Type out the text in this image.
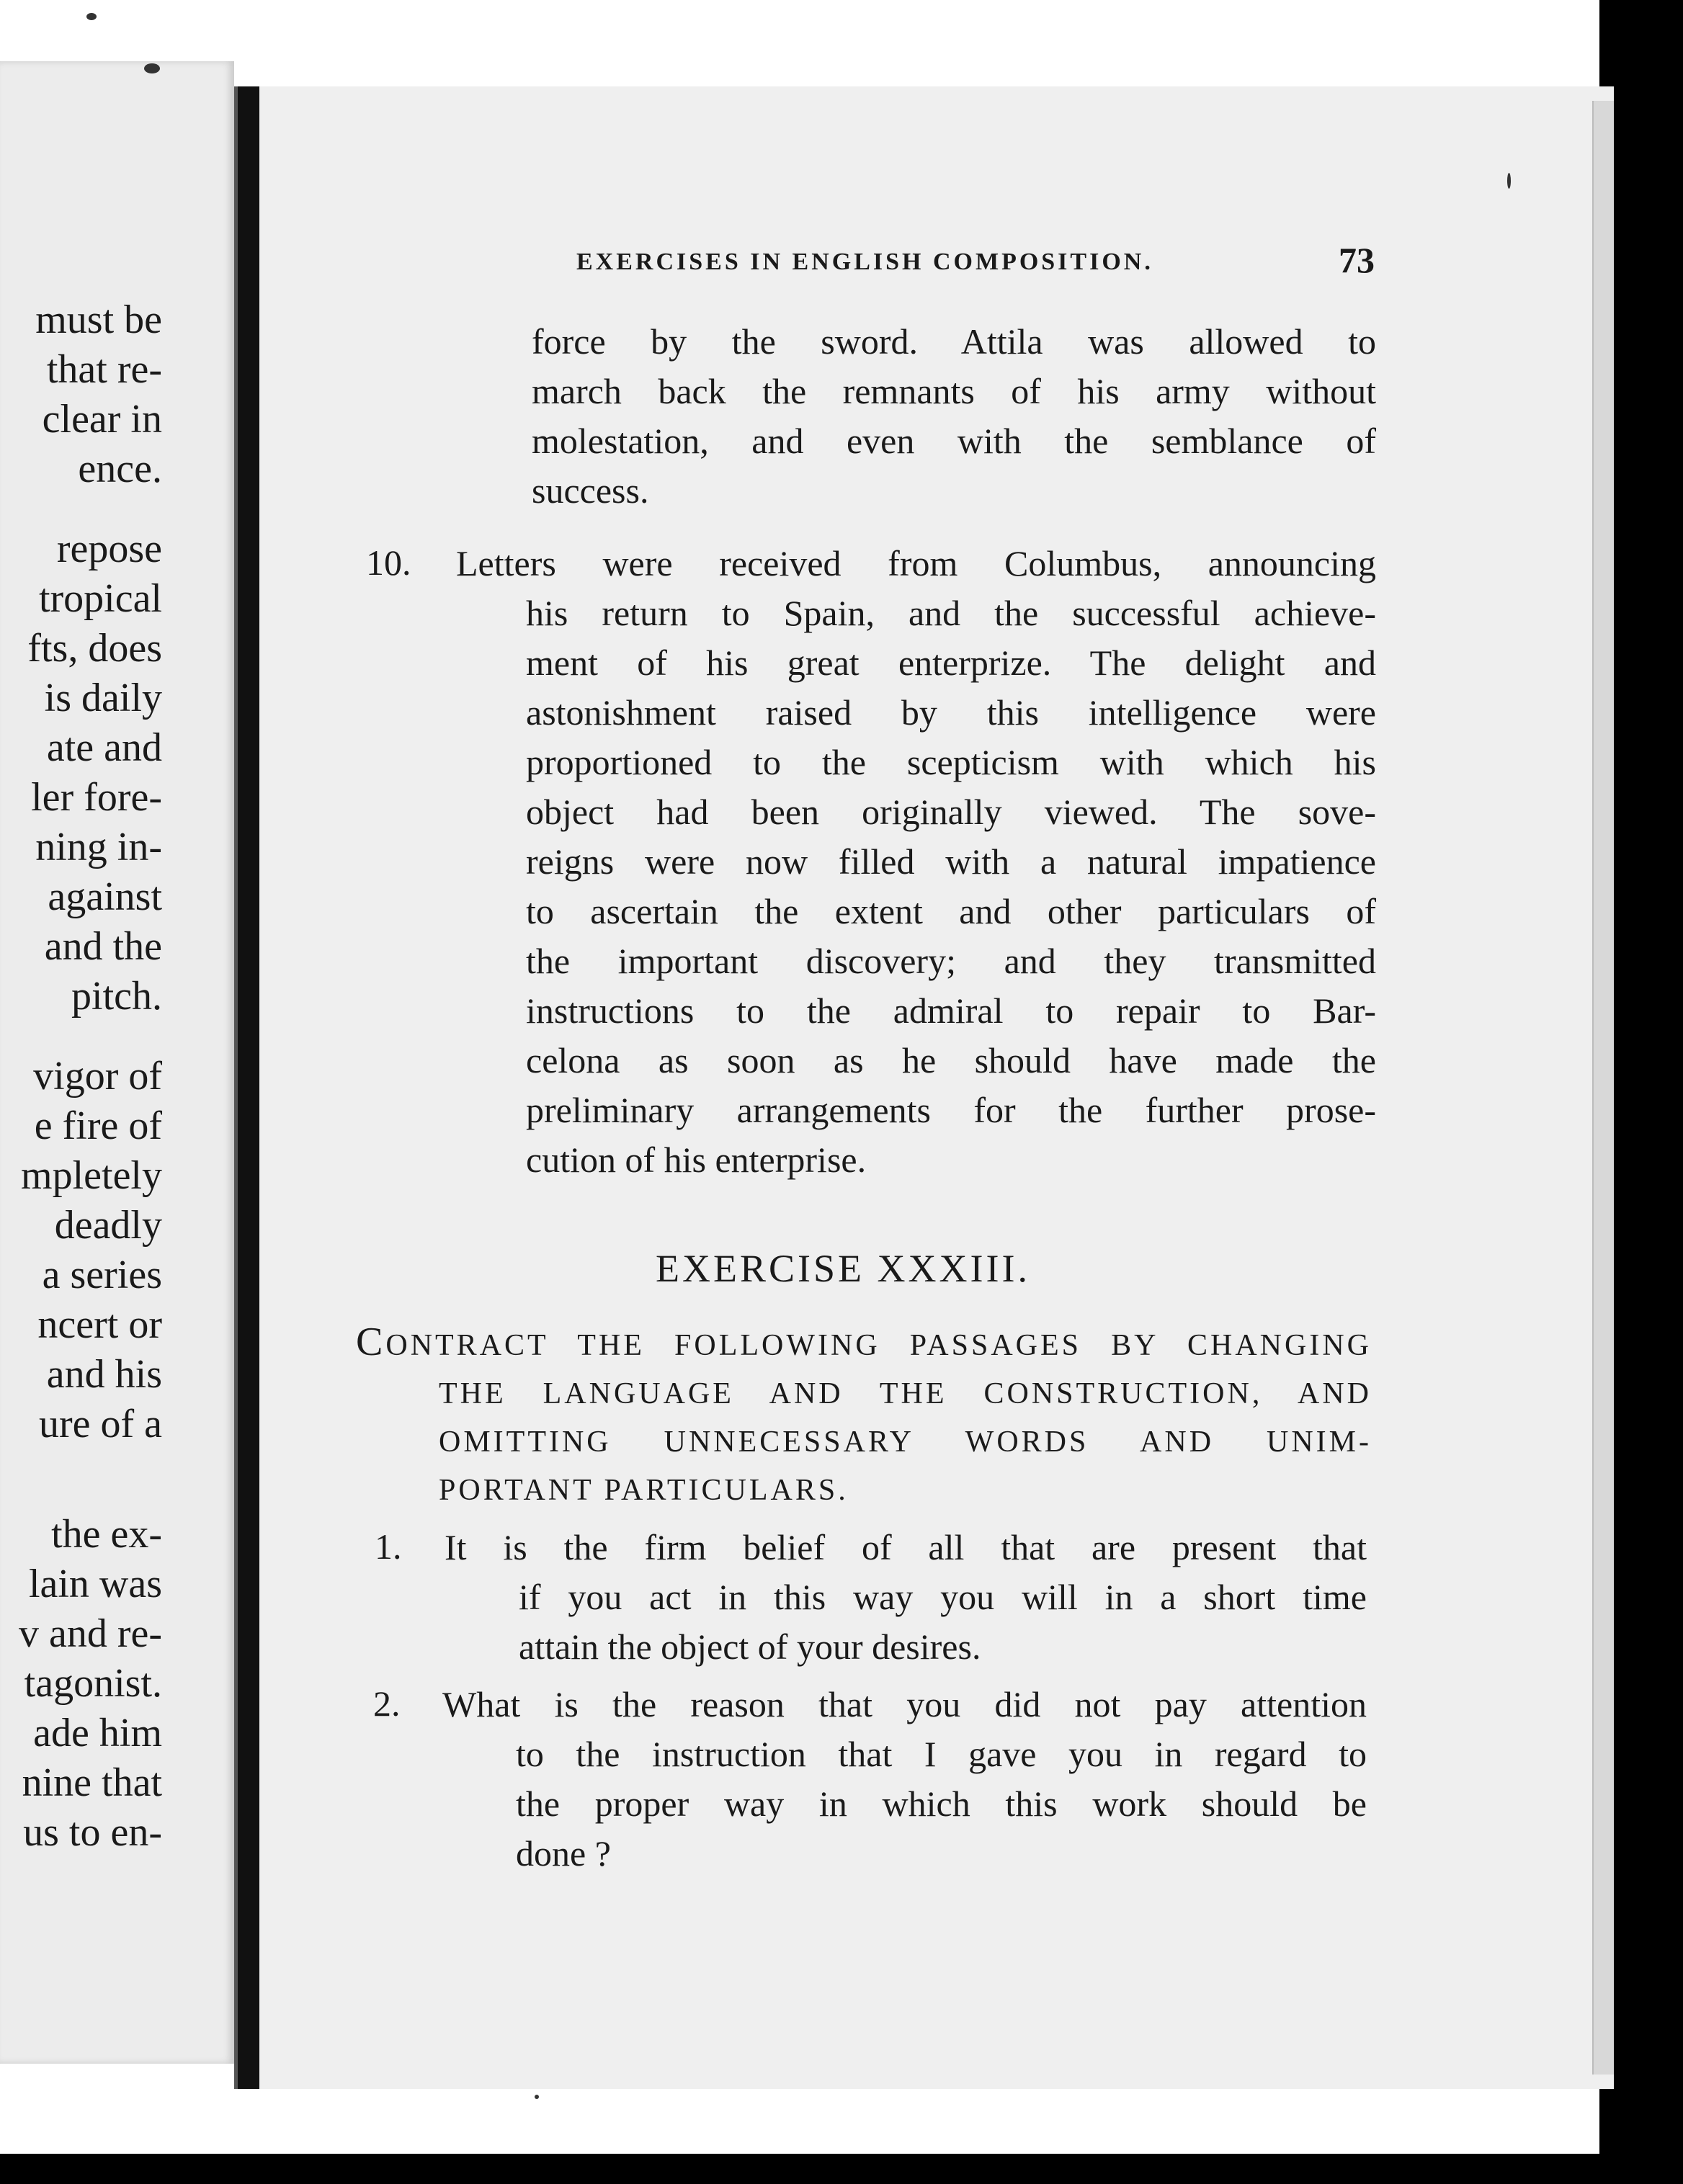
must be
that re-
clear in
ence.
repose
tropical
fts, does
is daily
ate and
ler fore-
ning in-
against
and the
pitch.
vigor of
e fire of
mpletely
deadly
a series
ncert or
and his
ure of a
the ex-
lain was
v and re-
tagonist.
ade him
nine that
us to en-
EXERCISES IN ENGLISH COMPOSITION.	73
force by the sword. Attila was allowed to
march back the remnants of his army without
molestation, and even with the semblance of
success.
10. Letters were received from Columbus, announcing
his return to Spain, and the successful achieve-
ment of his great enterprize. The delight and
astonishment raised by this intelligence were
proportioned to the scepticism with which his
object had been originally viewed. The sove-
reigns were now filled with a natural impatience
to ascertain the extent and other particulars of
the important discovery; and they transmitted
instructions to the admiral to repair to Bar-
celona as soon as he should have made the
preliminary arrangements for the further prose-
cution of his enterprise.
EXERCISE XXXIII.
CONTRACT THE FOLLOWING PASSAGES BY CHANGING
THE LANGUAGE AND THE CONSTRUCTION, AND
OMITTING UNNECESSARY WORDS AND UNIM-
PORTANT PARTICULARS.
1. It is the firm belief of all that are present that
if you act in this way you will in a short time
attain the object of your desires.
2. What is the reason that you did not pay attention
to the instruction that I gave you in regard to
the proper way in which this work should be
done ?
